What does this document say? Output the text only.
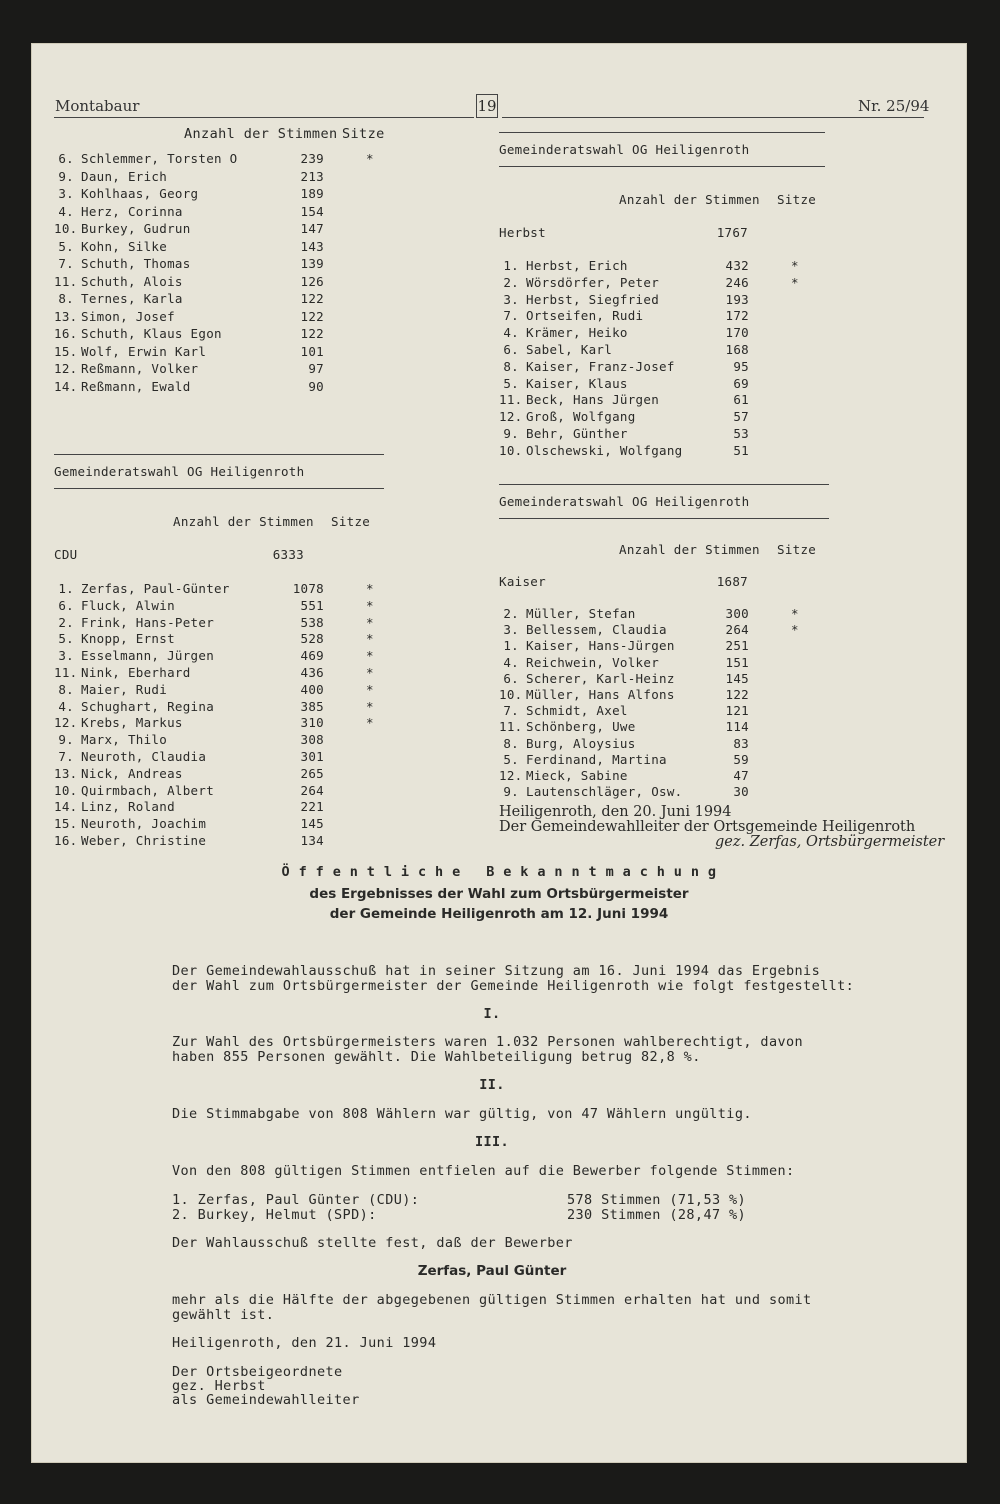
Montabaur	19	Nr. 25/94
Anzahl der Stimmen Sitze
6. Schlemmer, Torsten O	239	*
9. Daun, Erich	213
3. Kohlhaas, Georg	189
4. Herz, Corinna	154
10. Burkey, Gudrun	147
5. Kohn, Silke	143
7. Schuth, Thomas	139
11. Schuth, Alois	126
8. Ternes, Karla	122
13. Simon, Josef	122
16. Schuth, Klaus Egon	122
15. Wolf, Erwin Karl	101
12. Reßmann, Volker	97
14. Reßmann, Ewald	90
Gemeinderatswahl OG Heiligenroth
Anzahl der Stimmen Sitze
CDU	6333
1. Zerfas, Paul-Günter	1078	*
6. Fluck, Alwin	551	*
2. Frink, Hans-Peter	538	*
5. Knopp, Ernst	528	*
3. Esselmann, Jürgen	469	*
11. Nink, Eberhard	436	*
8. Maier, Rudi	400	*
4. Schughart, Regina	385	*
12. Krebs, Markus	310	*
9. Marx, Thilo	308
7. Neuroth, Claudia	301
13. Nick, Andreas	265
10. Quirmbach, Albert	264
14. Linz, Roland	221
15. Neuroth, Joachim	145
16. Weber, Christine	134
Gemeinderatswahl OG Heiligenroth
Anzahl der Stimmen Sitze
Herbst	1767
1. Herbst, Erich	432	*
2. Wörsdörfer, Peter	246	*
3. Herbst, Siegfried	193
7. Ortseifen, Rudi	172
4. Krämer, Heiko	170
6. Sabel, Karl	168
8. Kaiser, Franz-Josef	95
5. Kaiser, Klaus	69
11. Beck, Hans Jürgen	61
12. Groß, Wolfgang	57
9. Behr, Günther	53
10. Olschewski, Wolfgang	51
Gemeinderatswahl OG Heiligenroth
Anzahl der Stimmen Sitze
Kaiser	1687
2. Müller, Stefan	300	*
3. Bellessem, Claudia	264	*
1. Kaiser, Hans-Jürgen	251
4. Reichwein, Volker	151
6. Scherer, Karl-Heinz	145
10. Müller, Hans Alfons	122
7. Schmidt, Axel	121
11. Schönberg, Uwe	114
8. Burg, Aloysius	83
5. Ferdinand, Martina	59
12. Mieck, Sabine	47
9. Lautenschläger, Osw.	30
Heiligenroth, den 20. Juni 1994
Der Gemeindewahlleiter der Ortsgemeinde Heiligenroth
gez. Zerfas, Ortsbürgermeister
Ö f f e n t l i c h e   B e k a n n t m a c h u n g
des Ergebnisses der Wahl zum Ortsbürgermeister
der Gemeinde Heiligenroth am 12. Juni 1994
Der Gemeindewahlausschuß hat in seiner Sitzung am 16. Juni 1994 das Ergebnis
der Wahl zum Ortsbürgermeister der Gemeinde Heiligenroth wie folgt festgestellt:
I.
Zur Wahl des Ortsbürgermeisters waren 1.032 Personen wahlberechtigt, davon
haben 855 Personen gewählt. Die Wahlbeteiligung betrug 82,8 %.
II.
Die Stimmabgabe von 808 Wählern war gültig, von 47 Wählern ungültig.
III.
Von den 808 gültigen Stimmen entfielen auf die Bewerber folgende Stimmen:
1. Zerfas, Paul Günter (CDU):	578 Stimmen (71,53 %)
2. Burkey, Helmut (SPD):	230 Stimmen (28,47 %)
Der Wahlausschuß stellte fest, daß der Bewerber
Zerfas, Paul Günter
mehr als die Hälfte der abgegebenen gültigen Stimmen erhalten hat und somit
gewählt ist.
Heiligenroth, den 21. Juni 1994
Der Ortsbeigeordnete
gez. Herbst
als Gemeindewahlleiter
